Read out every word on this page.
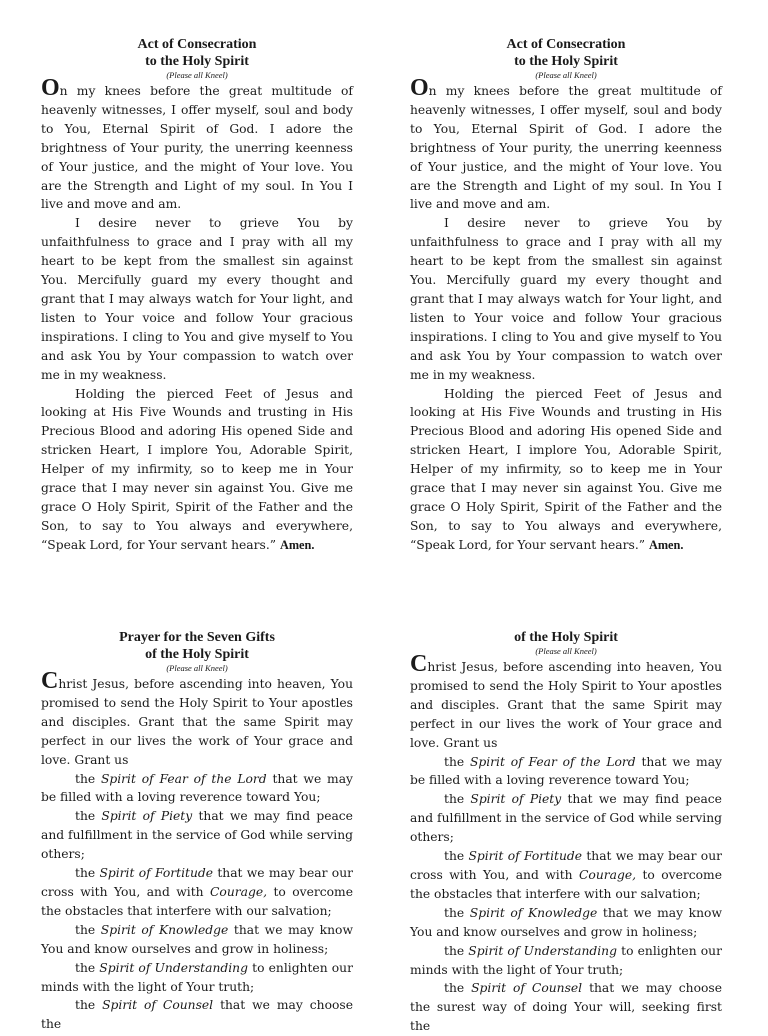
Act of Consecration

to the Holy Spirit

(Please all Kneel)

On my knees before the great multitude of heavenly witnesses, I offer myself, soul and body to You, Eternal Spirit of God. I adore the brightness of Your purity, the unerring keenness of Your justice, and the might of Your love. You are the Strength and Light of my soul. In You I live and move and am.

I desire never to grieve You by unfaithfulness to grace and I pray with all my heart to be kept from the smallest sin against You. Mercifully guard my every thought and grant that I may always watch for Your light, and listen to Your voice and follow Your gracious inspirations. I cling to You and give myself to You and ask You by Your compassion to watch over me in my weakness.

Holding the pierced Feet of Jesus and looking at His Five Wounds and trusting in His Precious Blood and adoring His opened Side and stricken Heart, I implore You, Adorable Spirit, Helper of my infirmity, so to keep me in Your grace that I may never sin against You. Give me grace O Holy Spirit, Spirit of the Father and the Son, to say to You always and everywhere, “Speak Lord, for Your servant hears.” Amen.

Act of Consecration

to the Holy Spirit

(Please all Kneel)

On my knees before the great multitude of heavenly witnesses, I offer myself, soul and body to You, Eternal Spirit of God. I adore the brightness of Your purity, the unerring keenness of Your justice, and the might of Your love. You are the Strength and Light of my soul. In You I live and move and am.

I desire never to grieve You by unfaithfulness to grace and I pray with all my heart to be kept from the smallest sin against You. Mercifully guard my every thought and grant that I may always watch for Your light, and listen to Your voice and follow Your gracious inspirations. I cling to You and give myself to You and ask You by Your compassion to watch over me in my weakness.

Holding the pierced Feet of Jesus and looking at His Five Wounds and trusting in His Precious Blood and adoring His opened Side and stricken Heart, I implore You, Adorable Spirit, Helper of my infirmity, so to keep me in Your grace that I may never sin against You. Give me grace O Holy Spirit, Spirit of the Father and the Son, to say to You always and everywhere, “Speak Lord, for Your servant hears.” Amen.

Prayer for the Seven Gifts

of the Holy Spirit

(Please all Kneel)

Christ Jesus, before ascending into heaven, You promised to send the Holy Spirit to Your apostles and disciples. Grant that the same Spirit may perfect in our lives the work of Your grace and love. Grant us

the Spirit of Fear of the Lord that we may be filled with a loving reverence toward You;

the Spirit of Piety that we may find peace and fulfillment in the service of God while serving others;

the Spirit of Fortitude that we may bear our cross with You, and with Courage, to overcome the obstacles that interfere with our salvation;

the Spirit of Knowledge that we may know You and know ourselves and grow in holiness;

the Spirit of Understanding to enlighten our minds with the light of Your truth;

the Spirit of Counsel that we may choose the

of the Holy Spirit

(Please all Kneel)

Christ Jesus, before ascending into heaven, You promised to send the Holy Spirit to Your apostles and disciples. Grant that the same Spirit may perfect in our lives the work of Your grace and love. Grant us

the Spirit of Fear of the Lord that we may be filled with a loving reverence toward You;

the Spirit of Piety that we may find peace and fulfillment in the service of God while serving others;

the Spirit of Fortitude that we may bear our cross with You, and with Courage, to overcome the obstacles that interfere with our salvation;

the Spirit of Knowledge that we may know You and know ourselves and grow in holiness;

the Spirit of Understanding to enlighten our minds with the light of Your truth;

the Spirit of Counsel that we may choose the surest way of doing Your will, seeking first the
